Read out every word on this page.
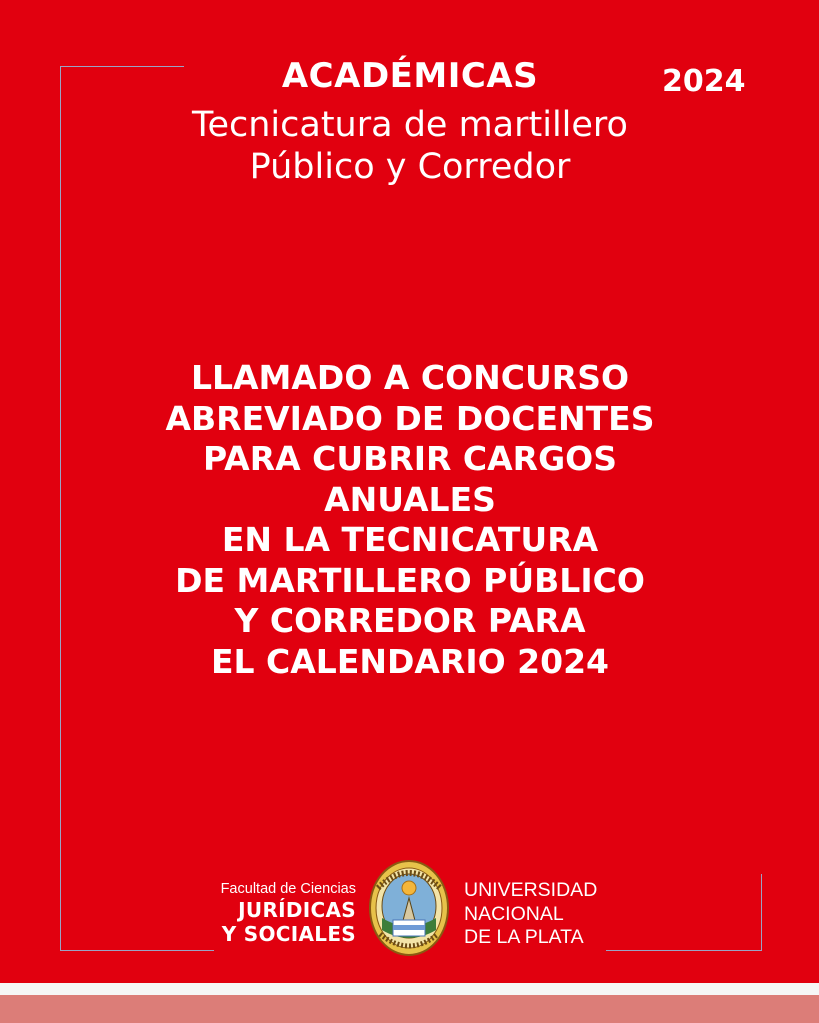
ACADÉMICAS	2024
Tecnicatura de martillero
Público y Corredor
LLAMADO A CONCURSO
ABREVIADO DE DOCENTES
PARA CUBRIR CARGOS
ANUALES
EN LA TECNICATURA
DE MARTILLERO PÚBLICO
Y CORREDOR PARA
EL CALENDARIO 2024
Facultad de Ciencias
JURÍDICAS
Y SOCIALES
UNIVERSIDAD
NACIONAL
DE LA PLATA
